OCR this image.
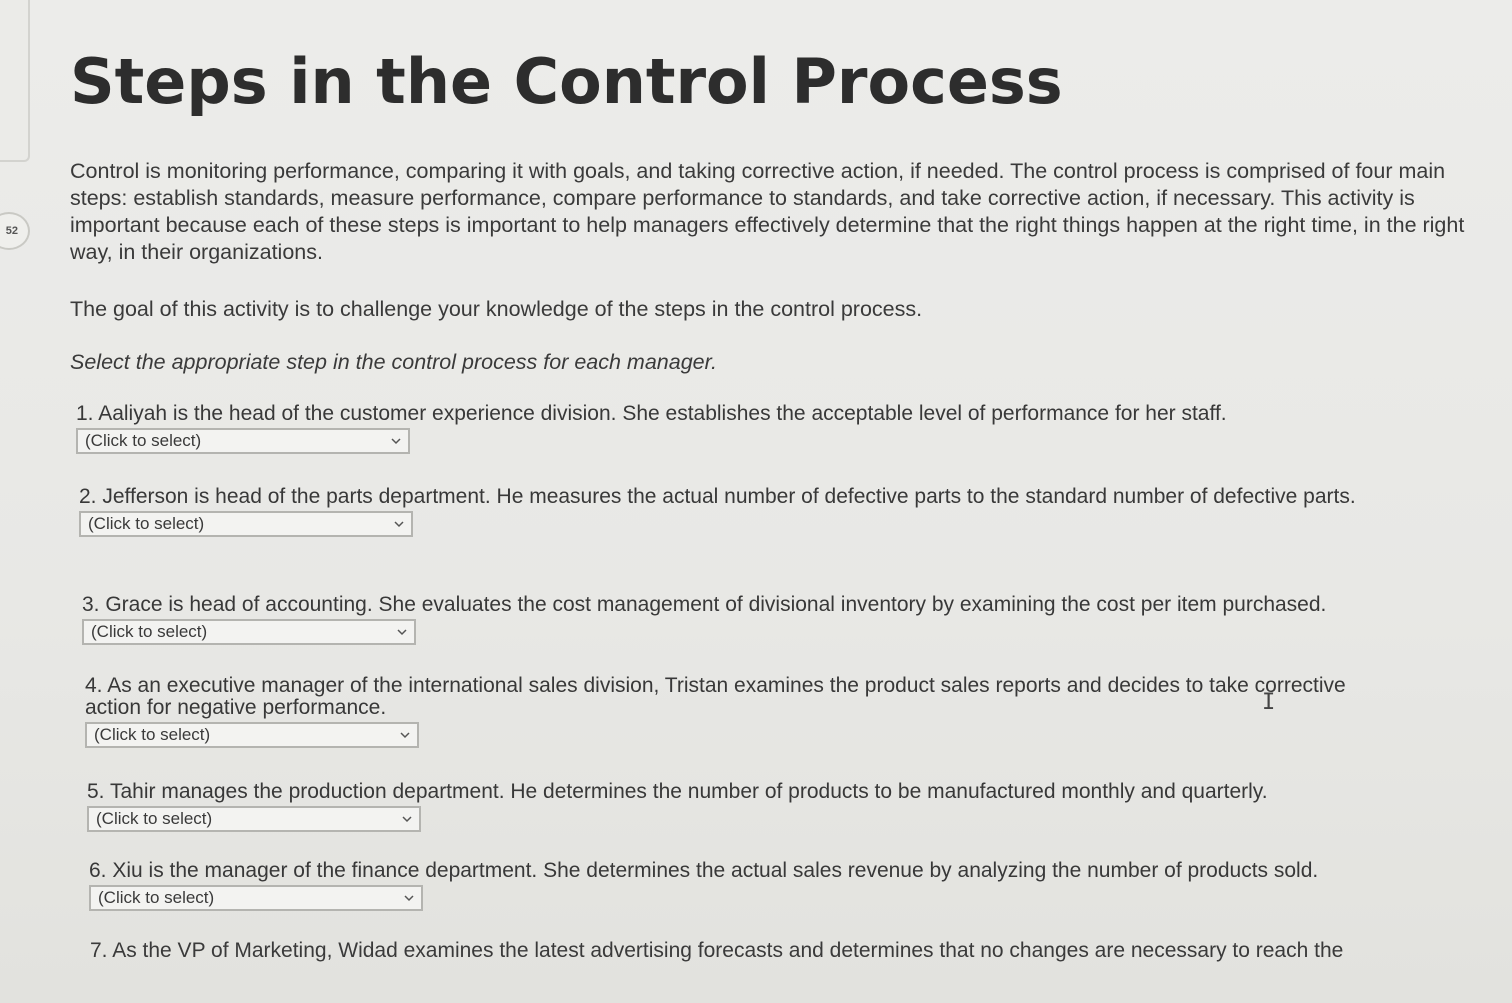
52
Steps in the Control Process
Control is monitoring performance, comparing it with goals, and taking corrective action, if needed. The control process is comprised of four main steps: establish standards, measure performance, compare performance to standards, and take corrective action, if necessary. This activity is important because each of these steps is important to help managers effectively determine that the right things happen at the right time, in the right way, in their organizations.
The goal of this activity is to challenge your knowledge of the steps in the control process.
Select the appropriate step in the control process for each manager.
1. Aaliyah is the head of the customer experience division. She establishes the acceptable level of performance for her staff.
(Click to select)
2. Jefferson is head of the parts department. He measures the actual number of defective parts to the standard number of defective parts.
(Click to select)
3. Grace is head of accounting. She evaluates the cost management of divisional inventory by examining the cost per item purchased.
(Click to select)
4. As an executive manager of the international sales division, Tristan examines the product sales reports and decides to take corrective action for negative performance.
(Click to select)
5. Tahir manages the production department. He determines the number of products to be manufactured monthly and quarterly.
(Click to select)
6. Xiu is the manager of the finance department. She determines the actual sales revenue by analyzing the number of products sold.
(Click to select)
7. As the VP of Marketing, Widad examines the latest advertising forecasts and determines that no changes are necessary to reach the
I
